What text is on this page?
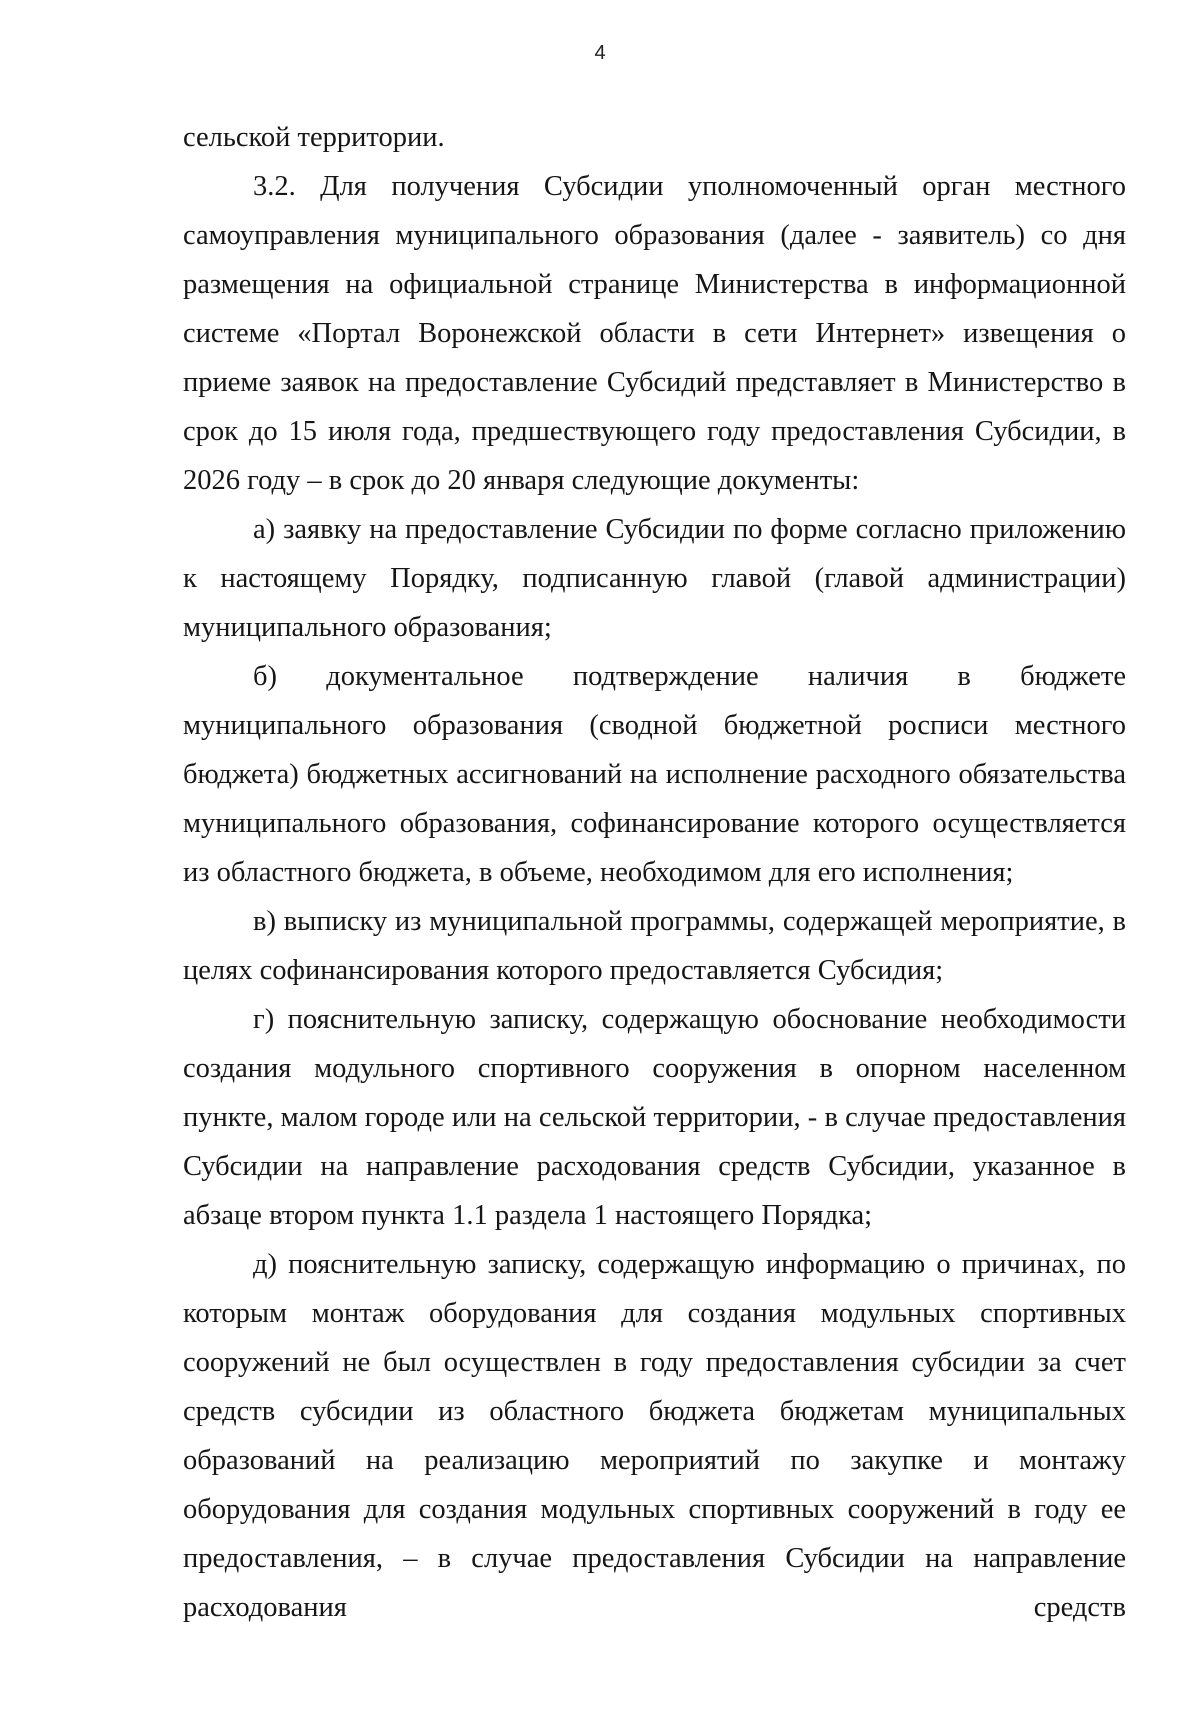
4

сельской территории.

3.2. Для получения Субсидии уполномоченный орган местного самоуправления муниципального образования (далее - заявитель) со дня размещения на официальной странице Министерства в информационной системе «Портал Воронежской области в сети Интернет» извещения о приеме заявок на предоставление Субсидий представляет в Министерство в срок до 15 июля года, предшествующего году предоставления Субсидии, в 2026 году – в срок до 20 января следующие документы:

а) заявку на предоставление Субсидии по форме согласно приложению к настоящему Порядку, подписанную главой (главой администрации) муниципального образования;

б) документальное подтверждение наличия в бюджете муниципального образования (сводной бюджетной росписи местного бюджета) бюджетных ассигнований на исполнение расходного обязательства муниципального образования, софинансирование которого осуществляется из областного бюджета, в объеме, необходимом для его исполнения;

в) выписку из муниципальной программы, содержащей мероприятие, в целях софинансирования которого предоставляется Субсидия;

г) пояснительную записку, содержащую обоснование необходимости создания модульного спортивного сооружения в опорном населенном пункте, малом городе или на сельской территории, - в случае предоставления Субсидии на направление расходования средств Субсидии, указанное в абзаце втором пункта 1.1 раздела 1 настоящего Порядка;

д) пояснительную записку, содержащую информацию о причинах, по которым монтаж оборудования для создания модульных спортивных сооружений не был осуществлен в году предоставления субсидии за счет средств субсидии из областного бюджета бюджетам муниципальных образований на реализацию мероприятий по закупке и монтажу оборудования для создания модульных спортивных сооружений в году ее предоставления, – в случае предоставления Субсидии на направление расходования средств
